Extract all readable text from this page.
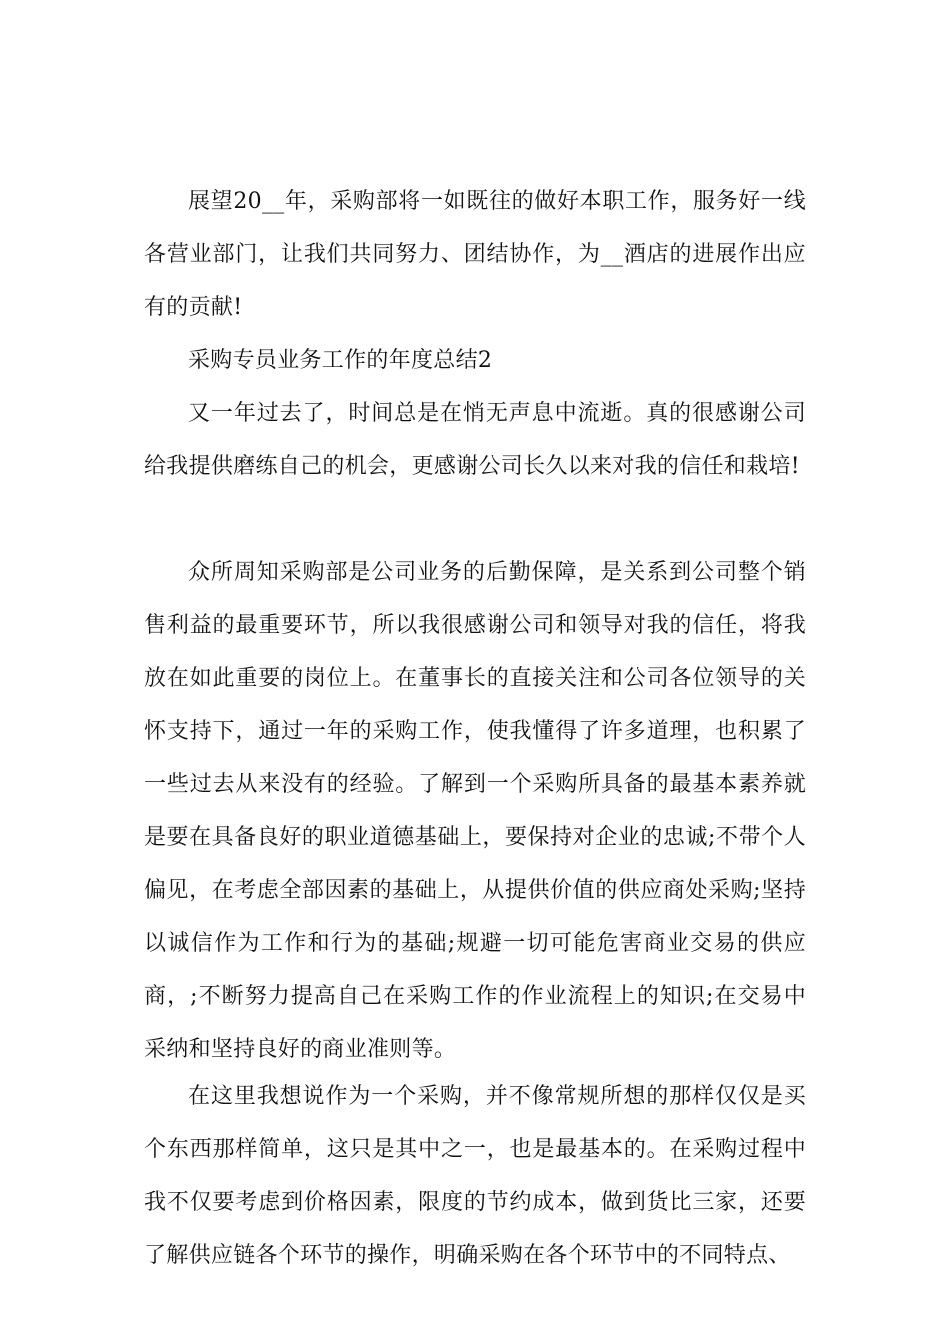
展望20__年，采购部将一如既往的做好本职工作，服务好一线各营业部门，让我们共同努力、团结协作，为__酒店的进展作出应有的贡献!

采购专员业务工作的年度总结2

又一年过去了，时间总是在悄无声息中流逝。真的很感谢公司给我提供磨练自己的机会，更感谢公司长久以来对我的信任和栽培!

众所周知采购部是公司业务的后勤保障，是关系到公司整个销售利益的最重要环节，所以我很感谢公司和领导对我的信任，将我放在如此重要的岗位上。在董事长的直接关注和公司各位领导的关怀支持下，通过一年的采购工作，使我懂得了许多道理，也积累了一些过去从来没有的经验。了解到一个采购所具备的最基本素养就是要在具备良好的职业道德基础上，要保持对企业的忠诚;不带个人偏见，在考虑全部因素的基础上，从提供价值的供应商处采购;坚持以诚信作为工作和行为的基础;规避一切可能危害商业交易的供应商，;不断努力提高自己在采购工作的作业流程上的知识;在交易中采纳和坚持良好的商业准则等。

在这里我想说作为一个采购，并不像常规所想的那样仅仅是买个东西那样简单，这只是其中之一，也是最基本的。在采购过程中我不仅要考虑到价格因素，限度的节约成本，做到货比三家，还要了解供应链各个环节的操作，明确采购在各个环节中的不同特点、
